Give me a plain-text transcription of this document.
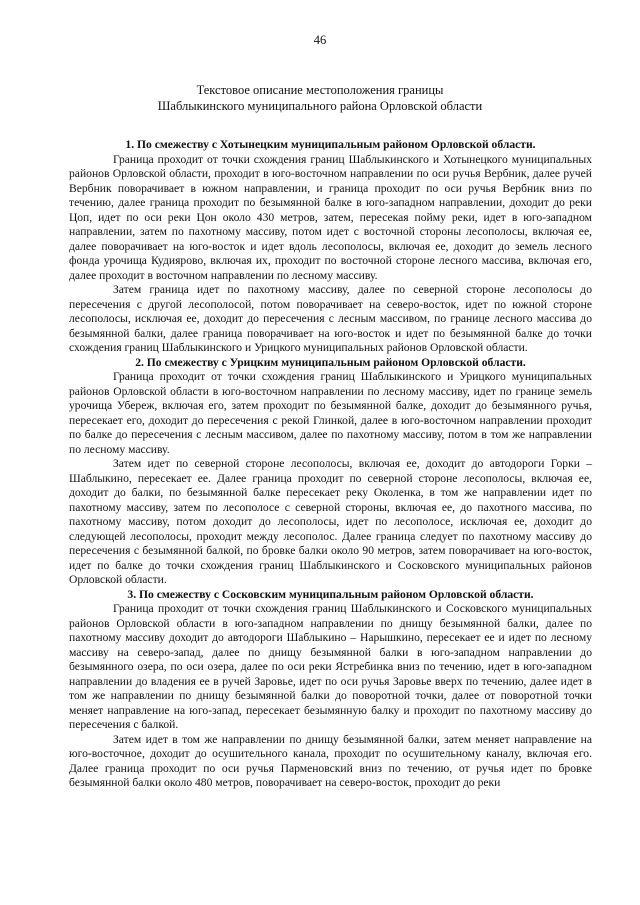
46
Текстовое описание местоположения границы
Шаблыкинского муниципального района Орловской области

1. По смежеству с Хотынецким муниципальным районом Орловской области.

Граница проходит от точки схождения границ Шаблыкинского и Хотынецкого муниципальных районов Орловской области, проходит в юго-восточном направлении по оси ручья Вербник, далее ручей Вербник поворачивает в южном направлении, и граница проходит по оси ручья Вербник вниз по течению, далее граница проходит по безымянной балке в юго-западном направлении, доходит до реки Цоп, идет по оси реки Цон около 430 метров, затем, пересекая пойму реки, идет в юго-западном направлении, затем по пахотному массиву, потом идет с восточной стороны лесополосы, включая ее, далее поворачивает на юго-восток и идет вдоль лесополосы, включая ее, доходит до земель лесного фонда урочища Кудиярово, включая их, проходит по восточной стороне лесного массива, включая его, далее проходит в восточном направлении по лесному массиву.

Затем граница идет по пахотному массиву, далее по северной стороне лесополосы до пересечения с другой лесополосой, потом поворачивает на северо-восток, идет по южной стороне лесополосы, исключая ее, доходит до пересечения с лесным массивом, по границе лесного массива до безымянной балки, далее граница поворачивает на юго-восток и идет по безымянной балке до точки схождения границ Шаблыкинского и Урицкого муниципальных районов Орловской области.

2. По смежеству с Урицким муниципальным районом Орловской области.

Граница проходит от точки схождения границ Шаблыкинского и Урицкого муниципальных районов Орловской области в юго-восточном направлении по лесному массиву, идет по границе земель урочища Убереж, включая его, затем проходит по безымянной балке, доходит до безымянного ручья, пересекает его, доходит до пересечения с рекой Глинкой, далее в юго-восточном направлении проходит по балке до пересечения с лесным массивом, далее по пахотному массиву, потом в том же направлении по лесному массиву.

Затем идет по северной стороне лесополосы, включая ее, доходит до автодороги Горки – Шаблыкино, пересекает ее. Далее граница проходит по северной стороне лесополосы, включая ее, доходит до балки, по безымянной балке пересекает реку Околенка, в том же направлении идет по пахотному массиву, затем по лесополосе с северной стороны, включая ее, до пахотного массива, по пахотному массиву, потом доходит до лесополосы, идет по лесополосе, исключая ее, доходит до следующей лесополосы, проходит между лесополос. Далее граница следует по пахотному массиву до пересечения с безымянной балкой, по бровке балки около 90 метров, затем поворачивает на юго-восток, идет по балке до точки схождения границ Шаблыкинского и Сосковского муниципальных районов Орловской области.

3. По смежеству с Сосковским муниципальным районом Орловской области.

Граница проходит от точки схождения границ Шаблыкинского и Сосковского муниципальных районов Орловской области в юго-западном направлении по днищу безымянной балки, далее по пахотному массиву доходит до автодороги Шаблыкино – Нарышкино, пересекает ее и идет по лесному массиву на северо-запад, далее по днищу безымянной балки в юго-западном направлении до безымянного озера, по оси озера, далее по оси реки Ястребинка вниз по течению, идет в юго-западном направлении до владения ее в ручей Заровье, идет по оси ручья Заровье вверх по течению, далее идет в том же направлении по днищу безымянной балки до поворотной точки, далее от поворотной точки меняет направление на юго-запад, пересекает безымянную балку и проходит по пахотному массиву до пересечения с балкой.

Затем идет в том же направлении по днищу безымянной балки, затем меняет направление на юго-восточное, доходит до осушительного канала, проходит по осушительному каналу, включая его. Далее граница проходит по оси ручья Парменовский вниз по течению, от ручья идет по бровке безымянной балки около 480 метров, поворачивает на северо-восток, проходит до реки
